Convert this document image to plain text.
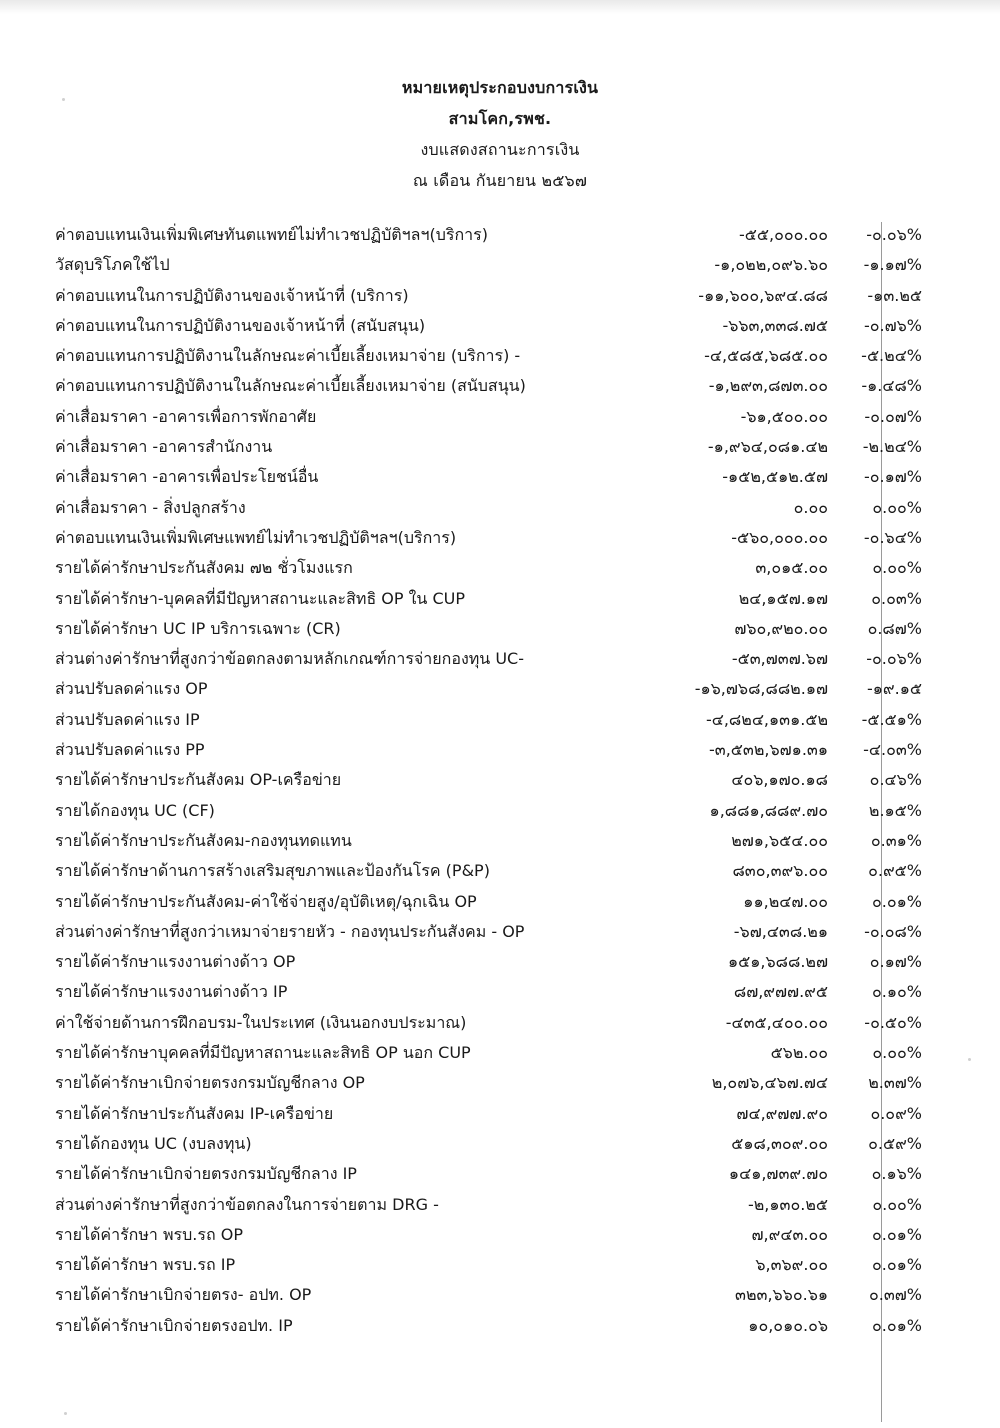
หมายเหตุประกอบงบการเงิน
สามโคก,รพช.
งบแสดงสถานะการเงิน
ณ เดือน กันยายน ๒๕๖๗
ค่าตอบแทนเงินเพิ่มพิเศษทันตแพทย์ไม่ทำเวชปฏิบัติฯลฯ(บริการ)	-๕๕,๐๐๐.๐๐ -๐.๐๖%
วัสดุบริโภคใช้ไป	-๑,๐๒๒,๐๙๖.๖๐ -๑.๑๗%
ค่าตอบแทนในการปฏิบัติงานของเจ้าหน้าที่ (บริการ)	-๑๑,๖๐๐,๖๙๔.๘๘ -๑๓.๒๕
ค่าตอบแทนในการปฏิบัติงานของเจ้าหน้าที่ (สนับสนุน)	-๖๖๓,๓๓๘.๗๕ -๐.๗๖%
ค่าตอบแทนการปฏิบัติงานในลักษณะค่าเบี้ยเลี้ยงเหมาจ่าย (บริการ) -	-๔,๕๘๕,๖๘๕.๐๐ -๕.๒๔%
ค่าตอบแทนการปฏิบัติงานในลักษณะค่าเบี้ยเลี้ยงเหมาจ่าย (สนับสนุน)	-๑,๒๙๓,๘๗๓.๐๐ -๑.๔๘%
ค่าเสื่อมราคา -อาคารเพื่อการพักอาศัย	-๖๑,๕๐๐.๐๐ -๐.๐๗%
ค่าเสื่อมราคา -อาคารสำนักงาน	-๑,๙๖๔,๐๘๑.๔๒ -๒.๒๔%
ค่าเสื่อมราคา -อาคารเพื่อประโยชน์อื่น	-๑๕๒,๕๑๒.๕๗ -๐.๑๗%
ค่าเสื่อมราคา - สิ่งปลูกสร้าง	๐.๐๐	๐.๐๐%
ค่าตอบแทนเงินเพิ่มพิเศษแพทย์ไม่ทำเวชปฏิบัติฯลฯ(บริการ)	-๕๖๐,๐๐๐.๐๐ -๐.๖๔%
รายได้ค่ารักษาประกันสังคม ๗๒ ชั่วโมงแรก	๓,๐๑๕.๐๐	๐.๐๐%
รายได้ค่ารักษา-บุคคลที่มีปัญหาสถานะและสิทธิ OP ใน CUP	๒๔,๑๕๗.๑๗	๐.๐๓%
รายได้ค่ารักษา UC IP บริการเฉพาะ (CR)	๗๖๐,๙๒๐.๐๐ ๐.๘๗%
ส่วนต่างค่ารักษาที่สูงกว่าข้อตกลงตามหลักเกณฑ์การจ่ายกองทุน UC-	-๕๓,๗๓๗.๖๗ -๐.๐๖%
ส่วนปรับลดค่าแรง OP	-๑๖,๗๖๘,๘๘๒.๑๗ -๑๙.๑๕
ส่วนปรับลดค่าแรง IP	-๔,๘๒๔,๑๓๑.๕๒ -๕.๕๑%
ส่วนปรับลดค่าแรง PP	-๓,๕๓๒,๖๗๑.๓๑ -๔.๐๓%
รายได้ค่ารักษาประกันสังคม OP-เครือข่าย	๔๐๖,๑๗๐.๑๘	๐.๔๖%
รายได้กองทุน UC (CF)	๑,๘๘๑,๘๘๙.๗๐	๒.๑๕%
รายได้ค่ารักษาประกันสังคม-กองทุนทดแทน	๒๗๑,๖๕๔.๐๐	๐.๓๑%
รายได้ค่ารักษาด้านการสร้างเสริมสุขภาพและป้องกันโรค (P&P)	๘๓๐,๓๙๖.๐๐	๐.๙๕%
รายได้ค่ารักษาประกันสังคม-ค่าใช้จ่ายสูง/อุบัติเหตุ/ฉุกเฉิน OP	๑๑,๒๔๗.๐๐	๐.๐๑%
ส่วนต่างค่ารักษาที่สูงกว่าเหมาจ่ายรายหัว - กองทุนประกันสังคม - OP	-๖๗,๔๓๘.๒๑ -๐.๐๘%
รายได้ค่ารักษาแรงงานต่างด้าว OP	๑๕๑,๖๘๘.๒๗	๐.๑๗%
รายได้ค่ารักษาแรงงานต่างด้าว IP	๘๗,๙๗๗.๙๕	๐.๑๐%
ค่าใช้จ่ายด้านการฝึกอบรม-ในประเทศ (เงินนอกงบประมาณ)	-๔๓๕,๔๐๐.๐๐ -๐.๕๐%
รายได้ค่ารักษาบุคคลที่มีปัญหาสถานะและสิทธิ OP นอก CUP	๕๖๒.๐๐	๐.๐๐%
รายได้ค่ารักษาเบิกจ่ายตรงกรมบัญชีกลาง OP	๒,๐๗๖,๔๖๗.๗๔	๒.๓๗%
รายได้ค่ารักษาประกันสังคม IP-เครือข่าย	๗๔,๙๗๗.๙๐	๐.๐๙%
รายได้กองทุน UC (งบลงทุน)	๕๑๘,๓๐๙.๐๐	๐.๕๙%
รายได้ค่ารักษาเบิกจ่ายตรงกรมบัญชีกลาง IP	๑๔๑,๗๓๙.๗๐	๐.๑๖%
ส่วนต่างค่ารักษาที่สูงกว่าข้อตกลงในการจ่ายตาม DRG -	-๒,๑๓๐.๒๕	๐.๐๐%
รายได้ค่ารักษา พรบ.รถ OP	๗,๙๔๓.๐๐	๐.๐๑%
รายได้ค่ารักษา พรบ.รถ IP	๖,๓๖๙.๐๐	๐.๐๑%
รายได้ค่ารักษาเบิกจ่ายตรง- อปท. OP	๓๒๓,๖๖๐.๖๑	๐.๓๗%
รายได้ค่ารักษาเบิกจ่ายตรงอปท. IP	๑๐,๐๑๐.๐๖	๐.๐๑%
